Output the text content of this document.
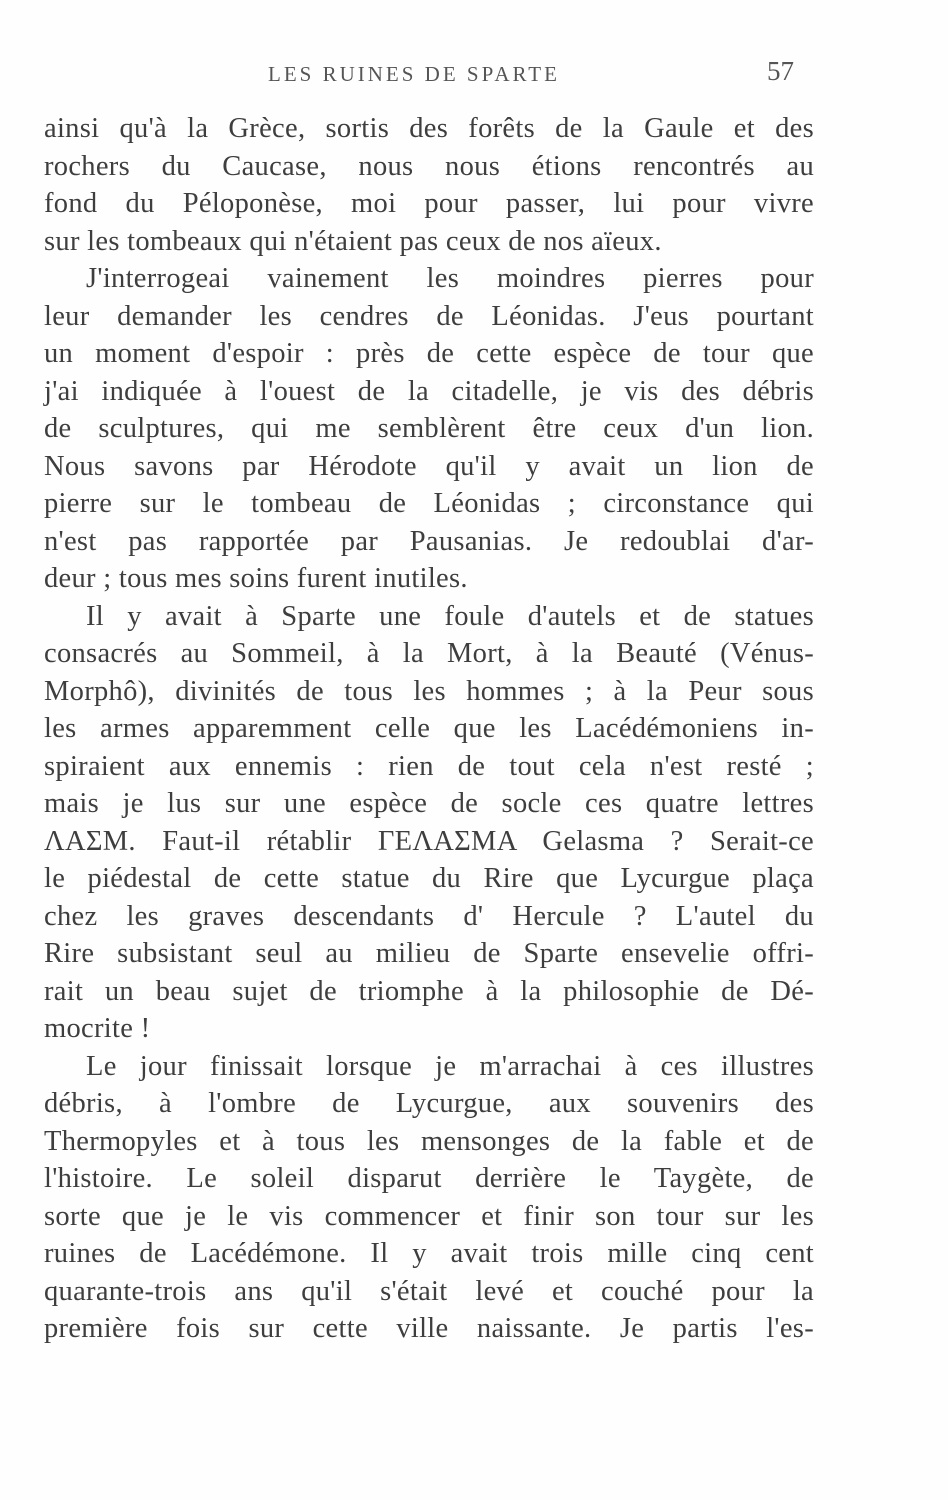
LES RUINES DE SPARTE	57
ainsi qu'à la Grèce, sortis des forêts de la Gaule et des
rochers du Caucase, nous nous étions rencontrés au
fond du Péloponèse, moi pour passer, lui pour vivre
sur les tombeaux qui n'étaient pas ceux de nos aïeux.
J'interrogeai vainement les moindres pierres pour
leur demander les cendres de Léonidas. J'eus pourtant
un moment d'espoir : près de cette espèce de tour que
j'ai indiquée à l'ouest de la citadelle, je vis des débris
de sculptures, qui me semblèrent être ceux d'un lion.
Nous savons par Hérodote qu'il y avait un lion de
pierre sur le tombeau de Léonidas ; circonstance qui
n'est pas rapportée par Pausanias. Je redoublai d'ar-
deur ; tous mes soins furent inutiles.
Il y avait à Sparte une foule d'autels et de statues
consacrés au Sommeil, à la Mort, à la Beauté (Vénus-
Morphô), divinités de tous les hommes ; à la Peur sous
les armes apparemment celle que les Lacédémoniens in-
spiraient aux ennemis : rien de tout cela n'est resté ;
mais je lus sur une espèce de socle ces quatre lettres
ΛΑΣΜ. Faut-il rétablir ΓΕΛΑΣΜΑ Gelasma ? Serait-ce
le piédestal de cette statue du Rire que Lycurgue plaça
chez les graves descendants d' Hercule ? L'autel du
Rire subsistant seul au milieu de Sparte ensevelie offri-
rait un beau sujet de triomphe à la philosophie de Dé-
mocrite !
Le jour finissait lorsque je m'arrachai à ces illustres
débris, à l'ombre de Lycurgue, aux souvenirs des
Thermopyles et à tous les mensonges de la fable et de
l'histoire. Le soleil disparut derrière le Taygète, de
sorte que je le vis commencer et finir son tour sur les
ruines de Lacédémone. Il y avait trois mille cinq cent
quarante-trois ans qu'il s'était levé et couché pour la
première fois sur cette ville naissante. Je partis l'es-
